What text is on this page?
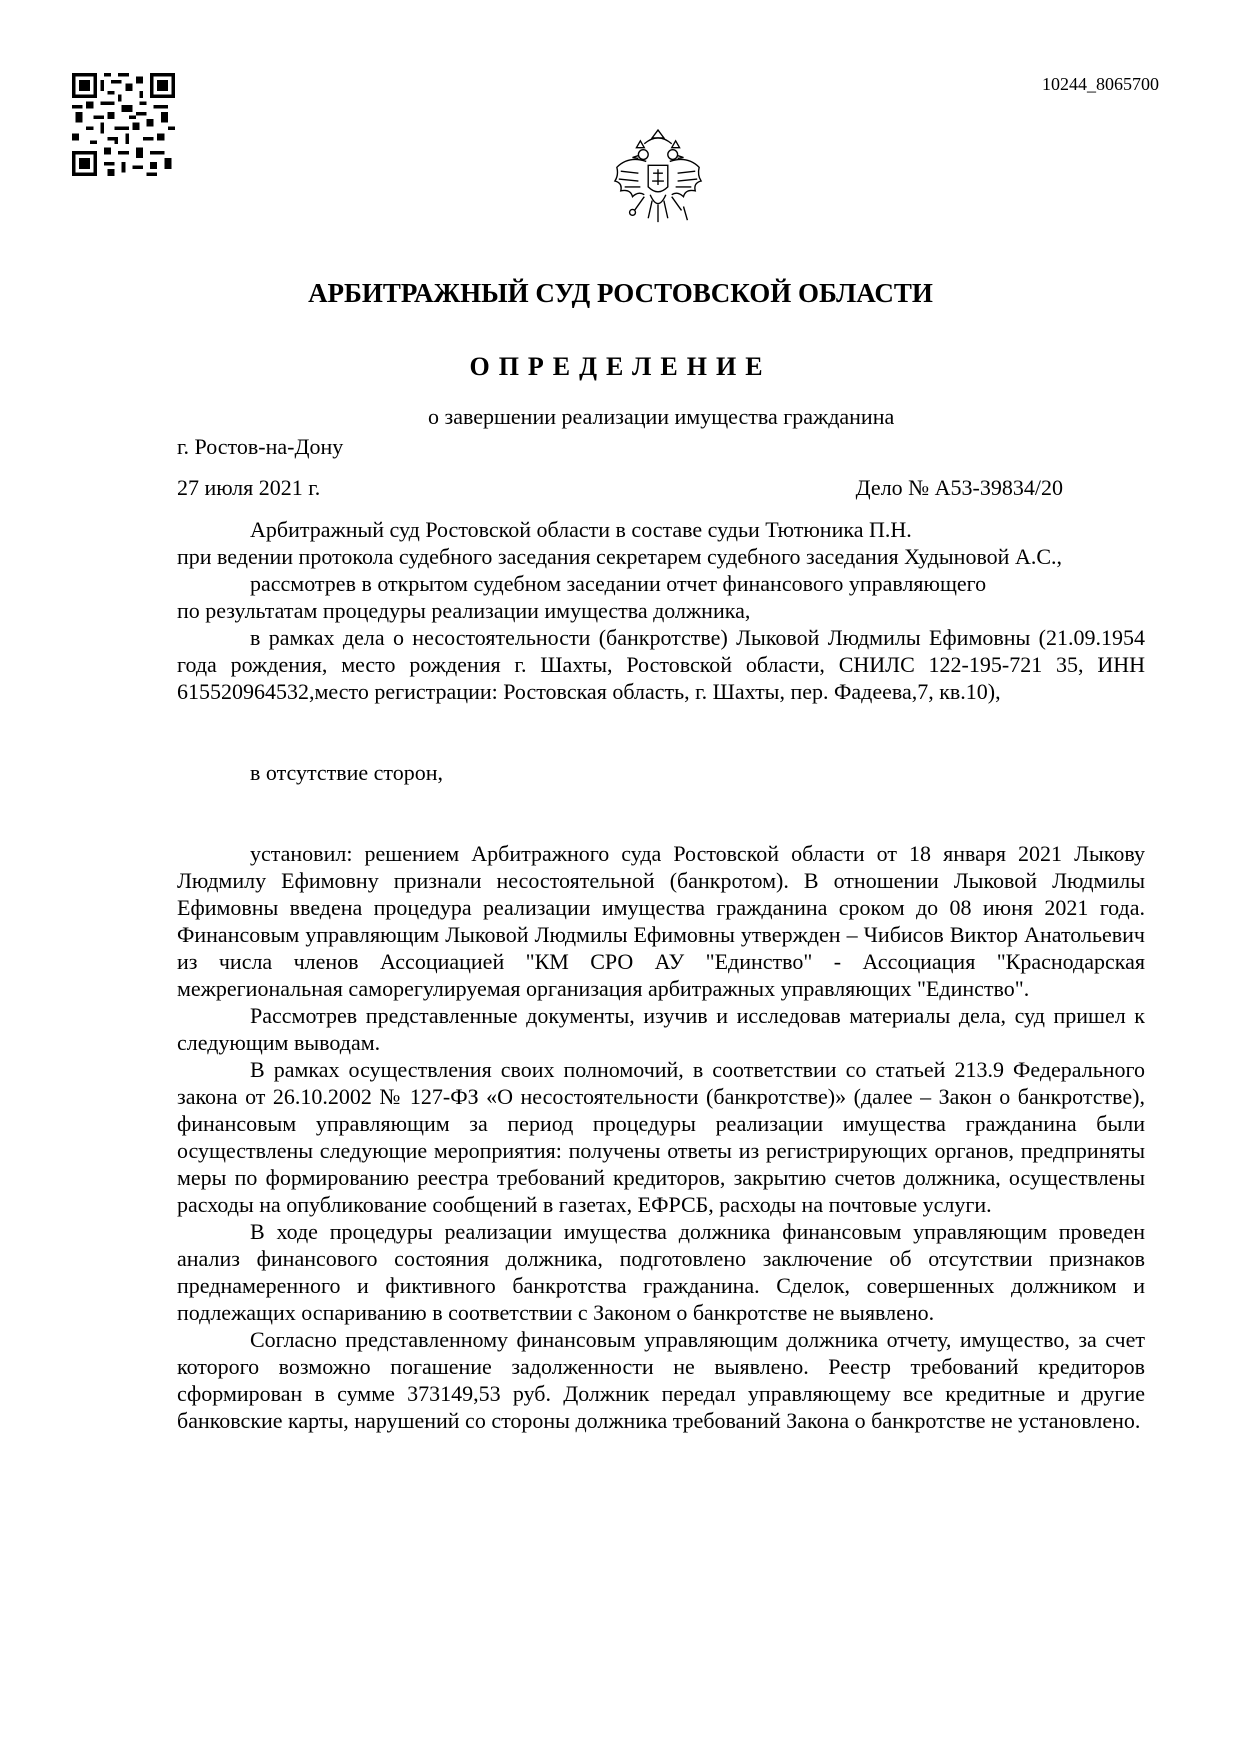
10244_8065700
АРБИТРАЖНЫЙ СУД РОСТОВСКОЙ ОБЛАСТИ
ОПРЕДЕЛЕНИЕ
о завершении реализации имущества гражданина
г. Ростов-на-Дону
27 июля 2021 г.	Дело № А53-39834/20

Арбитражный суд Ростовской области в составе судьи Тютюника П.Н.

при ведении протокола судебного заседания секретарем судебного заседания Худыновой А.С.,

рассмотрев в открытом судебном заседании отчет финансового управляющего

по результатам процедуры реализации имущества должника,

в рамках дела о несостоятельности (банкротстве) Лыковой Людмилы Ефимовны (21.09.1954 года рождения, место рождения г. Шахты, Ростовской области, СНИЛС 122-195-721 35, ИНН 615520964532,место регистрации: Ростовская область, г. Шахты, пер. Фадеева,7, кв.10),

в отсутствие сторон,

установил: решением Арбитражного суда Ростовской области от 18 января 2021 Лыкову Людмилу Ефимовну признали несостоятельной (банкротом). В отношении Лыковой Людмилы Ефимовны введена процедура реализации имущества гражданина сроком до 08 июня 2021 года. Финансовым управляющим Лыковой Людмилы Ефимовны утвержден – Чибисов Виктор Анатольевич из числа членов Ассоциацией "КМ СРО АУ "Единство" - Ассоциация "Краснодарская межрегиональная саморегулируемая организация арбитражных управляющих "Единство".

Рассмотрев представленные документы, изучив и исследовав материалы дела, суд пришел к следующим выводам.

В рамках осуществления своих полномочий, в соответствии со статьей 213.9 Федерального закона от 26.10.2002 № 127-ФЗ «О несостоятельности (банкротстве)» (далее – Закон о банкротстве), финансовым управляющим за период процедуры реализации имущества гражданина были осуществлены следующие мероприятия: получены ответы из регистрирующих органов, предприняты меры по формированию реестра требований кредиторов, закрытию счетов должника, осуществлены расходы на опубликование сообщений в газетах, ЕФРСБ, расходы на почтовые услуги.

В ходе процедуры реализации имущества должника финансовым управляющим проведен анализ финансового состояния должника, подготовлено заключение об отсутствии признаков преднамеренного и фиктивного банкротства гражданина. Сделок, совершенных должником и подлежащих оспариванию в соответствии с Законом о банкротстве не выявлено.

Согласно представленному финансовым управляющим должника отчету, имущество, за счет которого возможно погашение задолженности не выявлено. Реестр требований кредиторов сформирован в сумме 373149,53 руб. Должник передал управляющему все кредитные и другие банковские карты, нарушений со стороны должника требований Закона о банкротстве не установлено.
